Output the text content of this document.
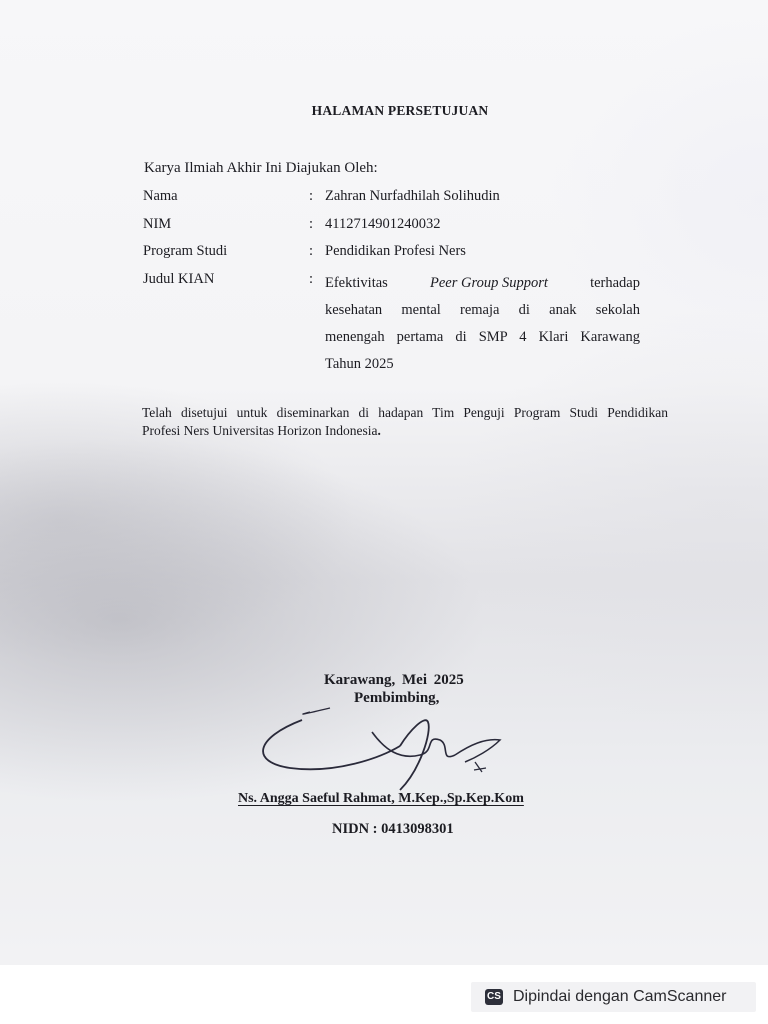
HALAMAN PERSETUJUAN
Karya Ilmiah Akhir Ini Diajukan Oleh:
Nama	: Zahran Nurfadhilah Solihudin
NIM	: 4112714901240032
Program Studi	: Pendidikan Profesi Ners
Judul KIAN	: Efektivitas	Peer Group Support	terhadap
kesehatan mental remaja di anak sekolah
menengah pertama di SMP 4 Klari Karawang
Tahun 2025
Telah disetujui untuk diseminarkan di hadapan Tim Penguji Program Studi Pendidikan
Profesi Ners Universitas Horizon Indonesia.
Karawang, Mei 2025
Pembimbing,
Ns. Angga Saeful Rahmat, M.Kep.,Sp.Kep.Kom
NIDN : 0413098301
CS Dipindai dengan CamScanner
